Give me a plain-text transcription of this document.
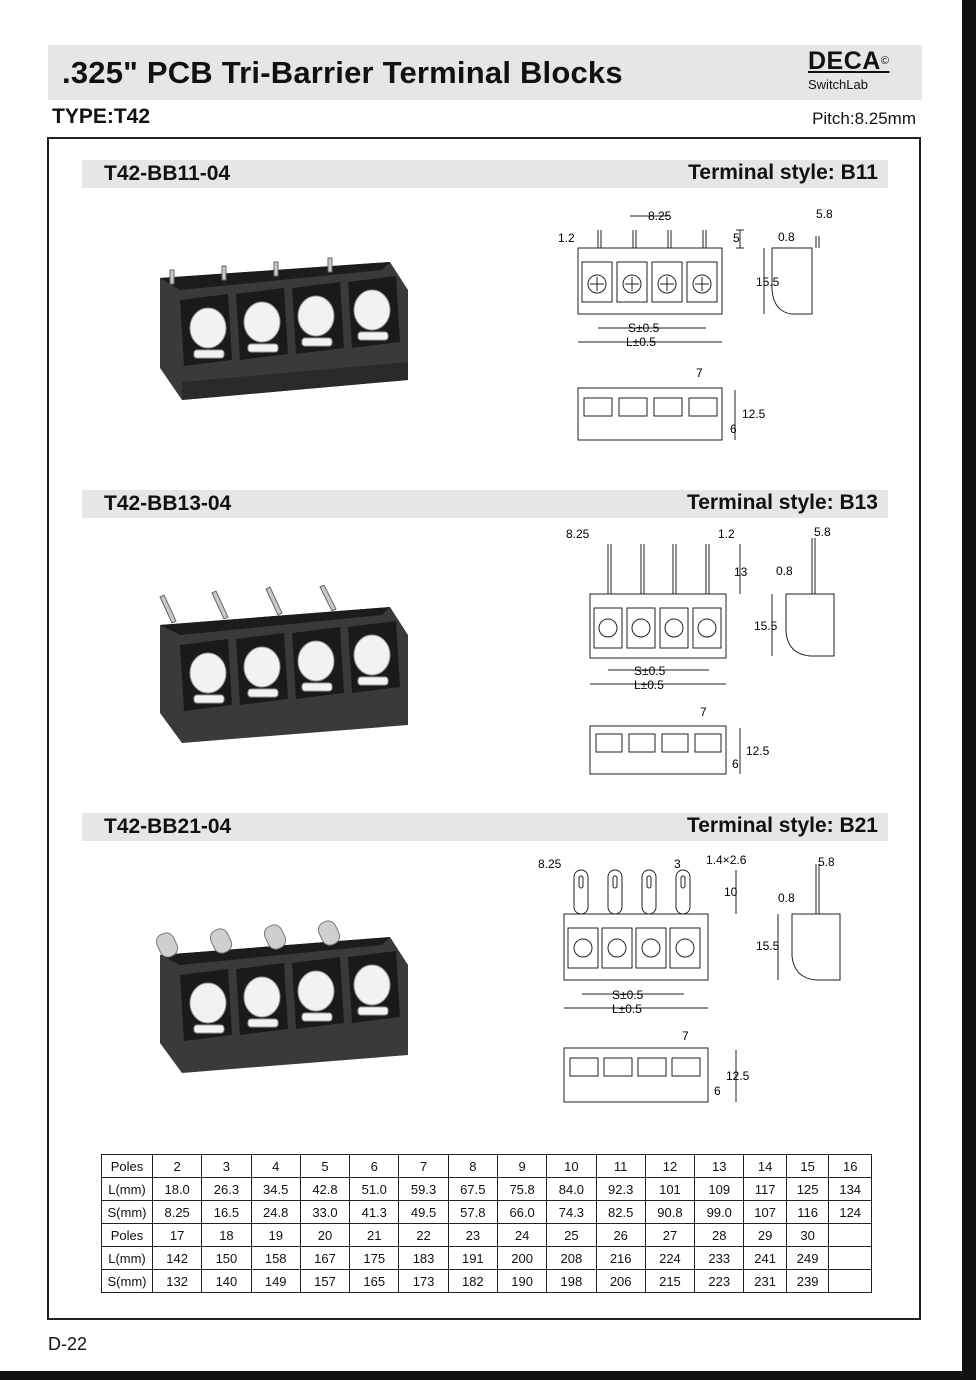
.325" PCB Tri-Barrier Terminal Blocks	DECA©
SwitchLab
TYPE:T42	Pitch:8.25mm
T42-BB11-04	Terminal style: B11
T42-BB13-04	Terminal style: B13
T42-BB21-04	Terminal style: B21
1.2
8.25
5
S±0.5
L±0.5
5.8
0.8
15.5
7
12.5
6
8.25	1.2
13
S±0.5
L±0.5
5.8
0.8
15.5
7
12.5
6
8.25	3 1.4×2.6
10
S±0.5
L±0.5
5.8
0.8
15.5
7
12.5
6
Poles	2	3	4	5	6	7	8	9	10	11	12	13	14	15	16
L(mm)	18.0	26.3	34.5	42.8	51.0	59.3	67.5	75.8	84.0	92.3	101	109	117	125	134
S(mm)	8.25	16.5	24.8	33.0	41.3	49.5	57.8	66.0	74.3	82.5	90.8	99.0	107	116	124
Poles	17	18	19	20	21	22	23	24	25	26	27	28	29	30	
L(mm)	142	150	158	167	175	183	191	200	208	216	224	233	241	249	
S(mm)	132	140	149	157	165	173	182	190	198	206	215	223	231	239	
D-22
